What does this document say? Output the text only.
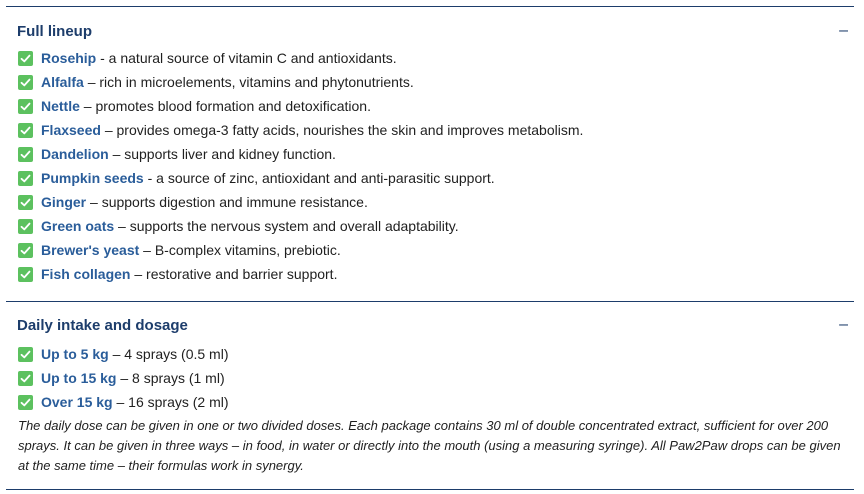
Full lineup	–
Rosehip
- a natural source of vitamin C and antioxidants.
Alfalfa
– rich in microelements, vitamins and phytonutrients.
Nettle
– promotes blood formation and detoxification.
Flaxseed
– provides omega-3 fatty acids, nourishes the skin and improves metabolism.
Dandelion
– supports liver and kidney function.
Pumpkin seeds
- a source of zinc, antioxidant and anti-parasitic support.
Ginger
– supports digestion and immune resistance.
Green oats
– supports the nervous system and overall adaptability.
Brewer's yeast
– B-complex vitamins, prebiotic.
Fish collagen
– restorative and barrier support.
Daily intake and dosage	–
Up to 5 kg
– 4 sprays (0.5 ml)
Up to 15 kg
– 8 sprays (1 ml)
Over 15 kg
– 16 sprays (2 ml)

The daily dose can be given in one or two divided doses. Each package contains 30 ml of double concentrated extract, sufficient for over 200 sprays. It can be given in three ways – in food, in water or directly into the mouth (using a measuring syringe). All Paw2Paw drops can be given at the same time – their formulas work in synergy.
